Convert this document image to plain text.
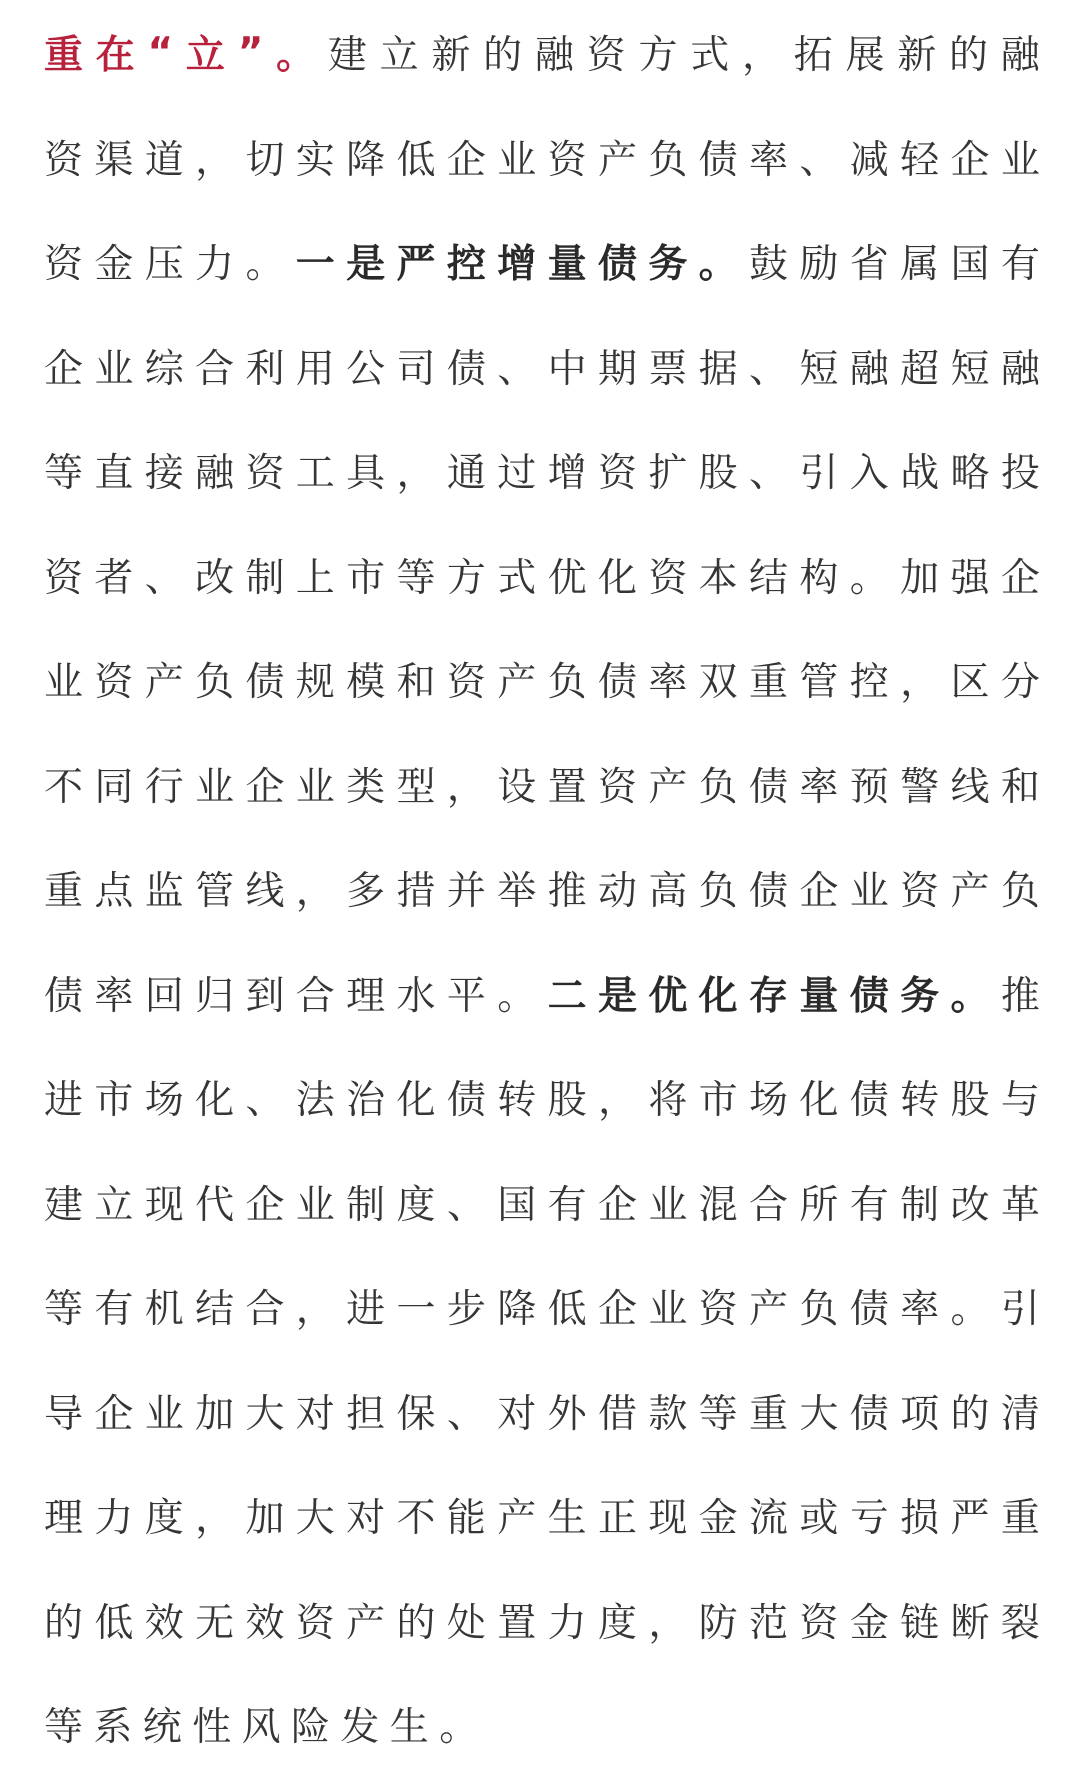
重 在 “ 立 ” 。 建 立 新 的 融 资 方 式 ， 拓 展 新 的 融
资 渠 道 ， 切 实 降 低 企 业 资 产 负 债 率 、 减 轻 企 业
资 金 压 力 。 一 是 严 控 增 量 债 务 。 鼓 励 省 属 国 有
企 业 综 合 利 用 公 司 债 、 中 期 票 据 、 短 融 超 短 融
等 直 接 融 资 工 具 ， 通 过 增 资 扩 股 、 引 入 战 略 投
资 者 、 改 制 上 市 等 方 式 优 化 资 本 结 构 。 加 强 企
业 资 产 负 债 规 模 和 资 产 负 债 率 双 重 管 控 ， 区 分
不 同 行 业 企 业 类 型 ， 设 置 资 产 负 债 率 预 警 线 和
重 点 监 管 线 ， 多 措 并 举 推 动 高 负 债 企 业 资 产 负
债 率 回 归 到 合 理 水 平 。 二 是 优 化 存 量 债 务 。 推
进 市 场 化 、 法 治 化 债 转 股 ， 将 市 场 化 债 转 股 与
建 立 现 代 企 业 制 度 、 国 有 企 业 混 合 所 有 制 改 革
等 有 机 结 合 ， 进 一 步 降 低 企 业 资 产 负 债 率 。 引
导 企 业 加 大 对 担 保 、 对 外 借 款 等 重 大 债 项 的 清
理 力 度 ， 加 大 对 不 能 产 生 正 现 金 流 或 亏 损 严 重
的 低 效 无 效 资 产 的 处 置 力 度 ， 防 范 资 金 链 断 裂
等系统性风险发生。
